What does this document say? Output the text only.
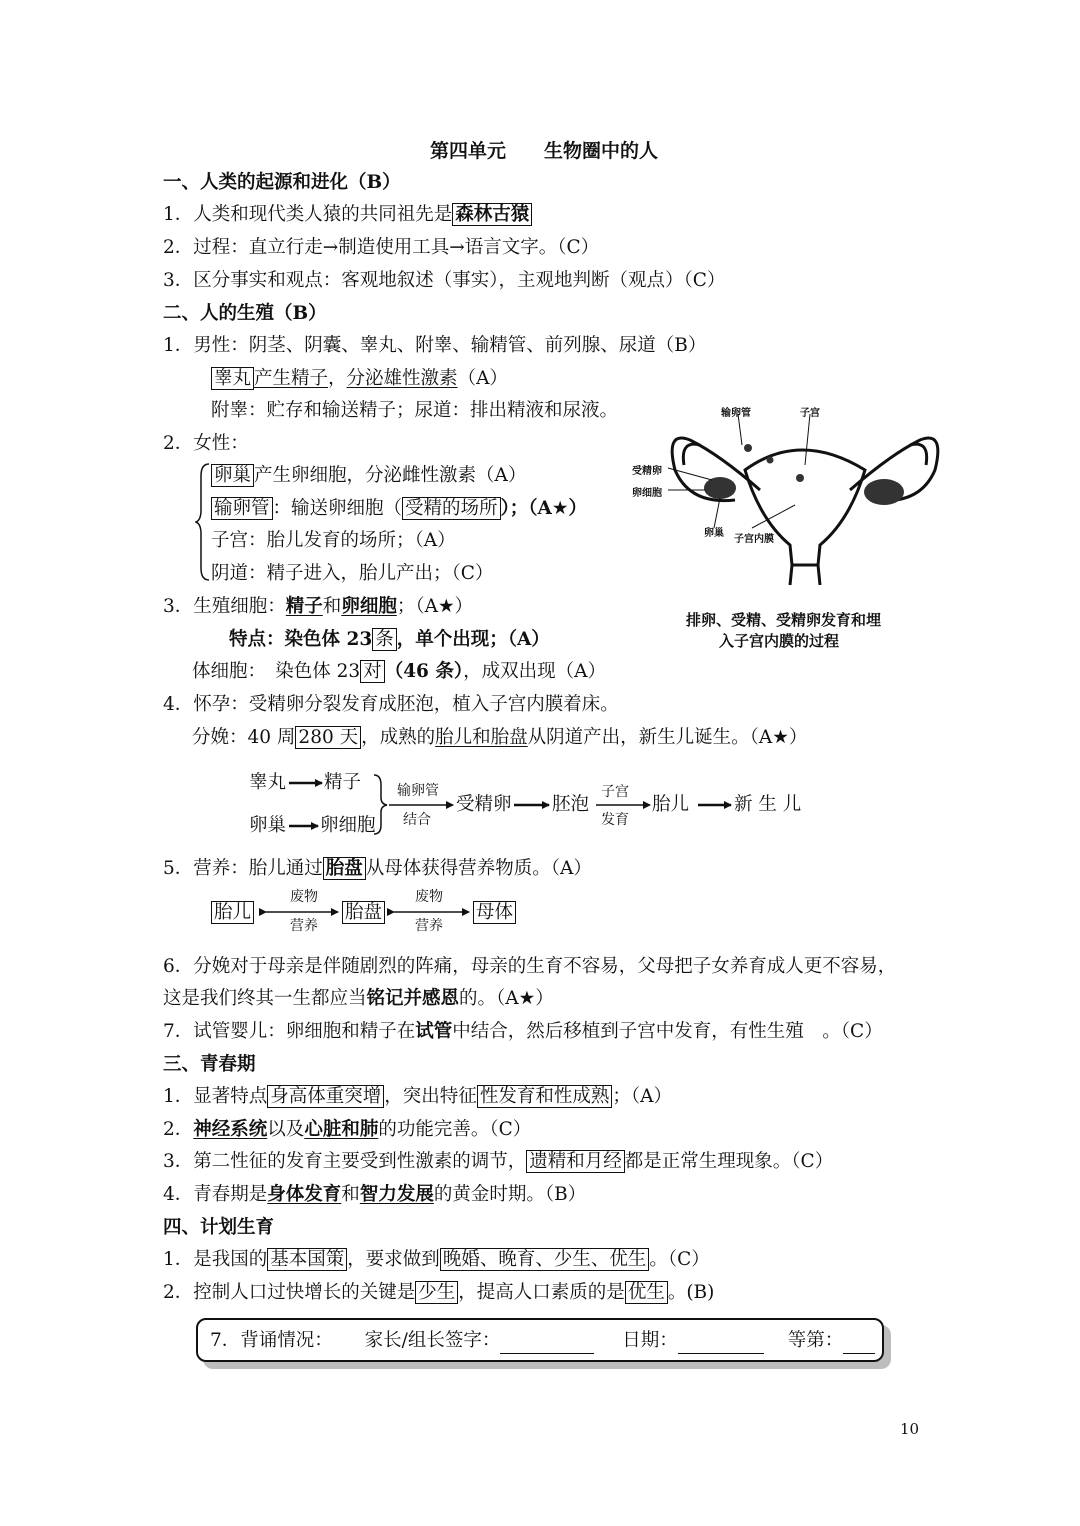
第四单元　　生物圈中的人
一、人类的起源和进化（B）
1．人类和现代类人猿的共同祖先是 森林古猿
2．过程：直立行走→制造使用工具→语言文字。（C）
3．区分事实和观点：客观地叙述（事实），主观地判断（观点）（C）
二、人的生殖（B）
1．男性：阴茎、阴囊、睾丸、附睾、输精管、前列腺、尿道（B）
睾丸 产生精子，分泌雄性激素（A）
附睾：贮存和输送精子；尿道：排出精液和尿液。
2．女性：
卵巢 产生卵细胞，分泌雌性激素（A）
输卵管 ：输送卵细胞（ 受精的场所 ）；（A★）
子宫：胎儿发育的场所；（A）
阴道：精子进入，胎儿产出；（C）
3．生殖细胞：精子和卵细胞；（A★）
特点：染色体 23 条 ，单个出现；（A）
体细胞：　染色体 23 对 （46 条），成双出现（A）
4．怀孕：受精卵分裂发育成胚泡，植入子宫内膜着床。
分娩：40 周 280 天 ，成熟的胎儿和胎盘从阴道产出，新生儿诞生。（A★）
睾丸 精子
卵巢 卵细胞
输卵管
结合
受精卵 胚泡
子宫
发育
胎儿 新 生 儿
5．营养：胎儿通过 胎盘 从母体获得营养物质。（A）
胎儿	胎盘	母体
废物
营养
废物
营养
6．分娩对于母亲是伴随剧烈的阵痛，母亲的生育不容易，父母把子女养育成人更不容易，
这是我们终其一生都应当铭记并感恩的。（A★）
7．试管婴儿：卵细胞和精子在试管中结合，然后移植到子宫中发育，有性生殖　。（C）
输卵管	子宫
受精卵
卵细胞
卵巢
子宫内膜
排卵、受精、受精卵发育和埋
入子宫内膜的过程
三、青春期
1．显著特点 身高体重突增 ，突出特征 性发育和性成熟 ；（A）
2．神经系统以及心脏和肺的功能完善。（C）
3．第二性征的发育主要受到性激素的调节， 遗精和月经 都是正常生理现象。（C）
4．青春期是身体发育和智力发展的黄金时期。（B）
四、计划生育
1．是我国的 基本国策 ，要求做到 晚婚、晚育、少生、优生 。（C）
2．控制人口过快增长的关键是 少生 ，提高人口素质的是 优生 。(B)
7．背诵情况： 家长/组长签字：	日期：	等第：
10
